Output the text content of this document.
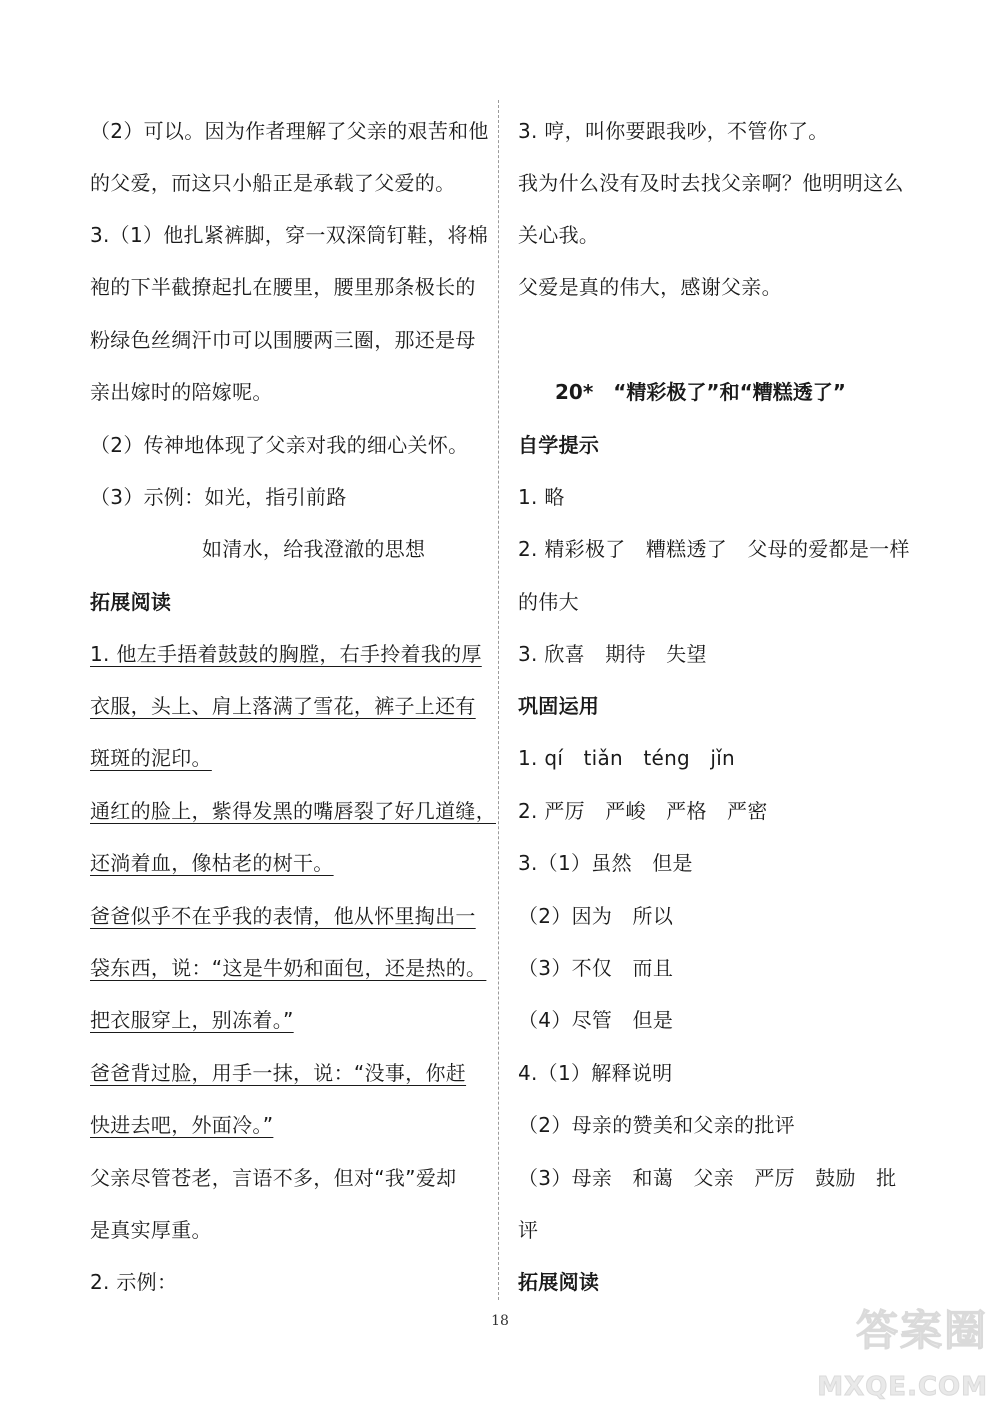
（2）可以。因为作者理解了父亲的艰苦和他
的父爱，而这只小船正是承载了父爱的。
3.（1）他扎紧裤脚，穿一双深筒钉鞋，将棉
袍的下半截撩起扎在腰里，腰里那条极长的
粉绿色丝绸汗巾可以围腰两三圈，那还是母
亲出嫁时的陪嫁呢。
（2）传神地体现了父亲对我的细心关怀。
（3）示例：如光，指引前路
如清水，给我澄澈的思想
拓展阅读
1. 他左手捂着鼓鼓的胸膛，右手拎着我的厚
衣服，头上、肩上落满了雪花，裤子上还有
斑斑的泥印。
通红的脸上，紫得发黑的嘴唇裂了好几道缝，
还淌着血，像枯老的树干。
爸爸似乎不在乎我的表情，他从怀里掏出一
袋东西，说：“这是牛奶和面包，还是热的。
把衣服穿上，别冻着。”
爸爸背过脸，用手一抹，说：“没事，你赶
快进去吧，外面冷。”
父亲尽管苍老，言语不多，但对“我”爱却
是真实厚重。
2. 示例：
3. 哼，叫你要跟我吵，不管你了。
我为什么没有及时去找父亲啊？他明明这么
关心我。
父爱是真的伟大，感谢父亲。
20*　“精彩极了”和“糟糕透了”
自学提示
1. 略
2. 精彩极了　糟糕透了　父母的爱都是一样
的伟大
3. 欣喜　期待　失望
巩固运用
1. qí　tiǎn　téng　jǐn
2. 严厉　严峻　严格　严密
3.（1）虽然　但是
（2）因为　所以
（3）不仅　而且
（4）尽管　但是
4.（1）解释说明
（2）母亲的赞美和父亲的批评
（3）母亲　和蔼　父亲　严厉　鼓励　批
评
拓展阅读
18	答案圈
MXQE.COM
